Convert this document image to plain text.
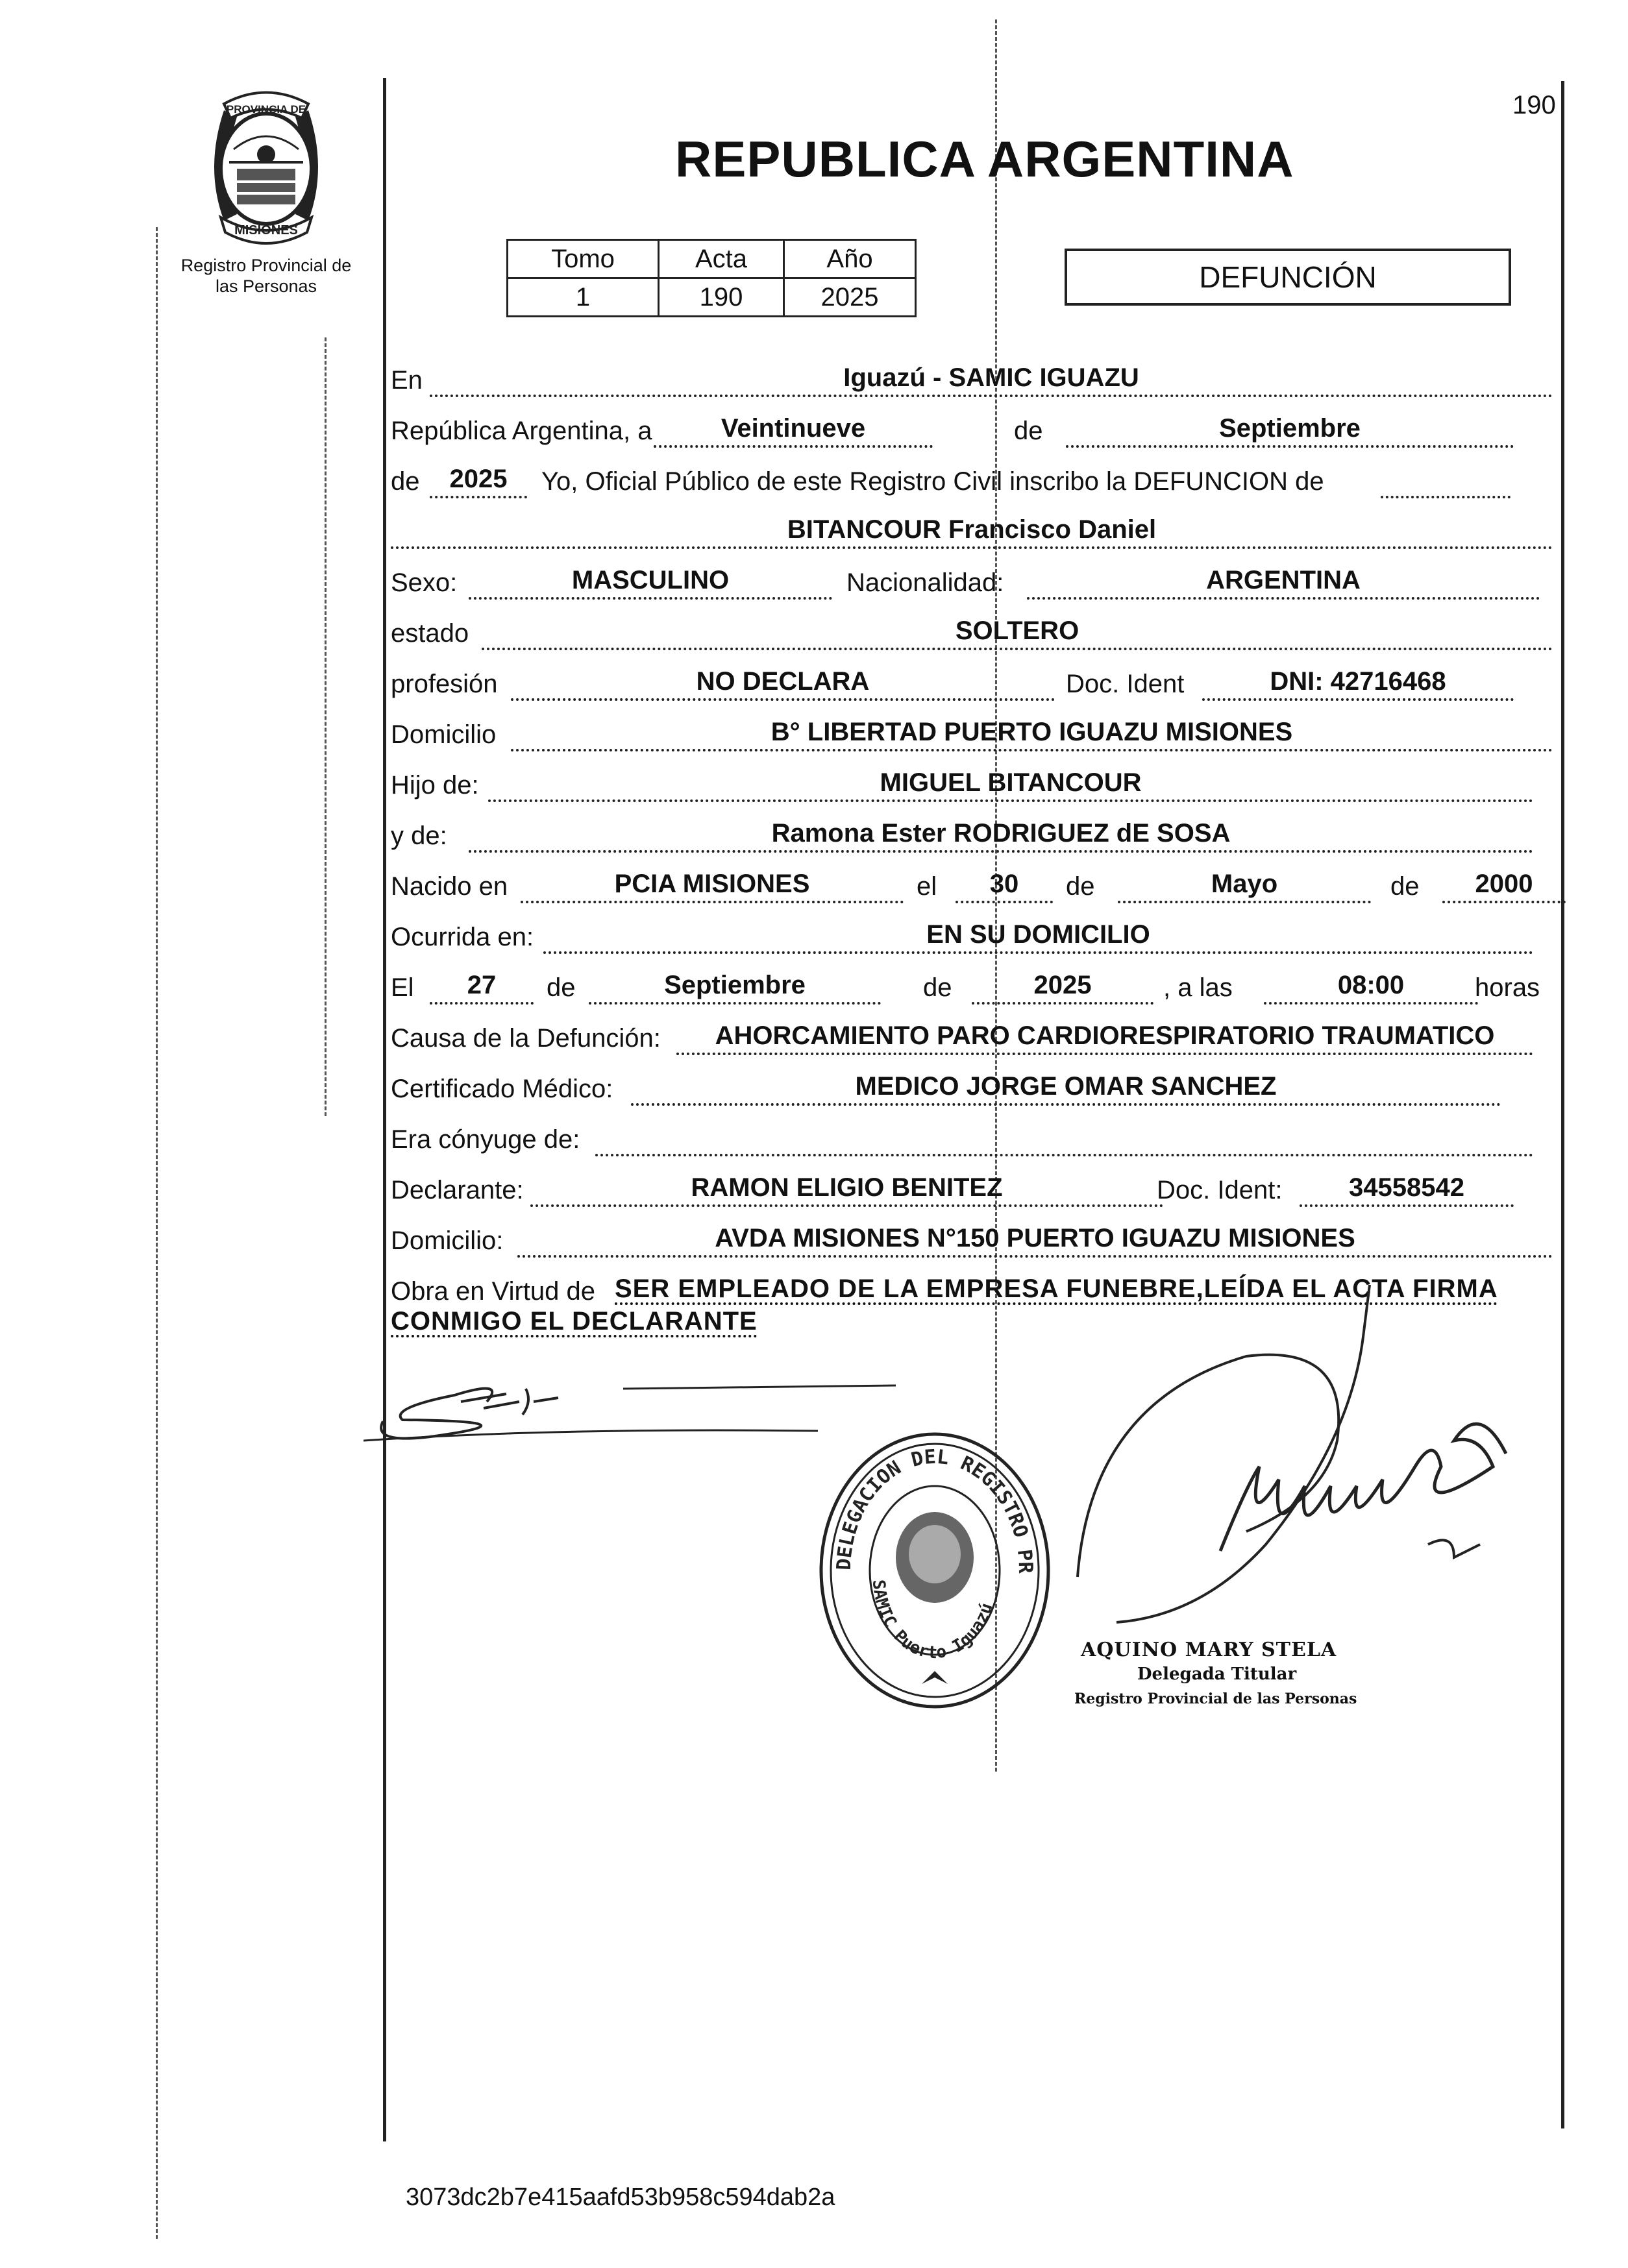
190
PROVINCIA DE
MISIONES
Registro Provincial de
las Personas
REPUBLICA ARGENTINA
Tomo	Acta	Año
1	190	2025
DEFUNCIÓN
En	Iguazú - SAMIC IGUAZU
República Argentina, a	Veintinueve	de	Septiembre
de	2025	Yo, Oficial Público de este Registro Civil inscribo la DEFUNCION de
BITANCOUR Francisco Daniel
Sexo:	MASCULINO	Nacionalidad:	ARGENTINA
estado	SOLTERO
profesión	NO DECLARA	Doc. Ident	DNI: 42716468
Domicilio	B° LIBERTAD PUERTO IGUAZU MISIONES
Hijo de:	MIGUEL BITANCOUR
y de:	Ramona Ester RODRIGUEZ dE SOSA
Nacido en	PCIA MISIONES	el	30	de	Mayo	de	2000
Ocurrida en:	EN SU DOMICILIO
El	27	de	Septiembre	de	2025	, a las	08:00	horas
Causa de la Defunción:	AHORCAMIENTO PARO CARDIORESPIRATORIO TRAUMATICO
Certificado Médico:	MEDICO JORGE OMAR SANCHEZ
Era cónyuge de:
Declarante:	RAMON ELIGIO BENITEZ	Doc. Ident:	34558542
Domicilio:	AVDA MISIONES N°150 PUERTO IGUAZU MISIONES
Obra en Virtud de SER EMPLEADO DE LA EMPRESA FUNEBRE,LEÍDA EL ACTA FIRMA
CONMIGO EL DECLARANTE
DELEGACION DEL REGISTRO PR
SAMIC Puerto Iguazú
AQUINO MARY STELA
Delegada Titular
Registro Provincial de las Personas
3073dc2b7e415aafd53b958c594dab2a
